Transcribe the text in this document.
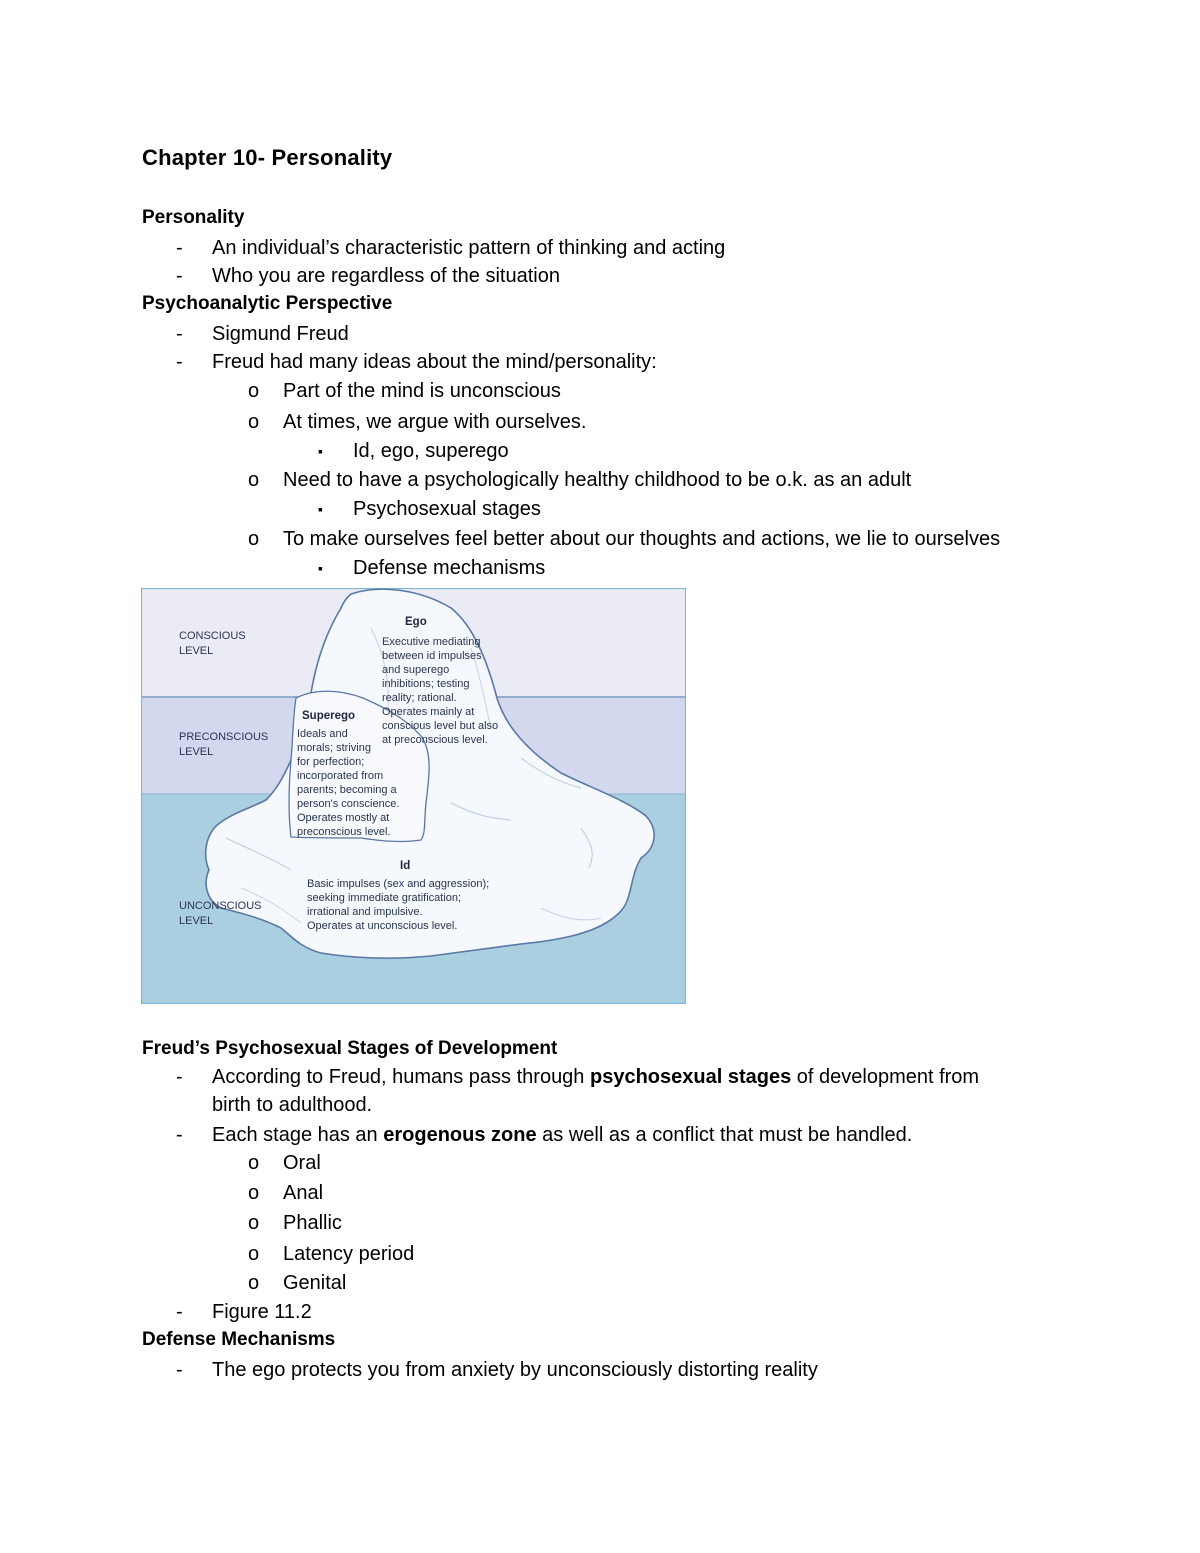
Chapter 10- Personality
Personality
-	An individual’s characteristic pattern of thinking and acting
-	Who you are regardless of the situation
Psychoanalytic Perspective
-	Sigmund Freud
-	Freud had many ideas about the mind/personality:
o Part of the mind is unconscious
o At times, we argue with ourselves.
▪ Id, ego, superego
o Need to have a psychologically healthy childhood to be o.k. as an adult
▪ Psychosexual stages
o To make ourselves feel better about our thoughts and actions, we lie to ourselves
▪ Defense mechanisms
CONSCIOUS
LEVEL
PRECONSCIOUS
LEVEL
UNCONSCIOUS
LEVEL
Ego
Executive mediating
between id impulses
and superego
inhibitions; testing
reality; rational.
Operates mainly at
conscious level but also
at preconscious level.
Superego
Ideals and
morals; striving
for perfection;
incorporated from
parents; becoming a
person's conscience.
Operates mostly at
preconscious level.
Id
Basic impulses (sex and aggression);
seeking immediate gratification;
irrational and impulsive.
Operates at unconscious level.
Freud’s Psychosexual Stages of Development
-	According to Freud, humans pass through psychosexual stages of development from
birth to adulthood.
-	Each stage has an erogenous zone as well as a conflict that must be handled.
o Oral
o Anal
o Phallic
o Latency period
o Genital
-	Figure 11.2
Defense Mechanisms
-	The ego protects you from anxiety by unconsciously distorting reality
